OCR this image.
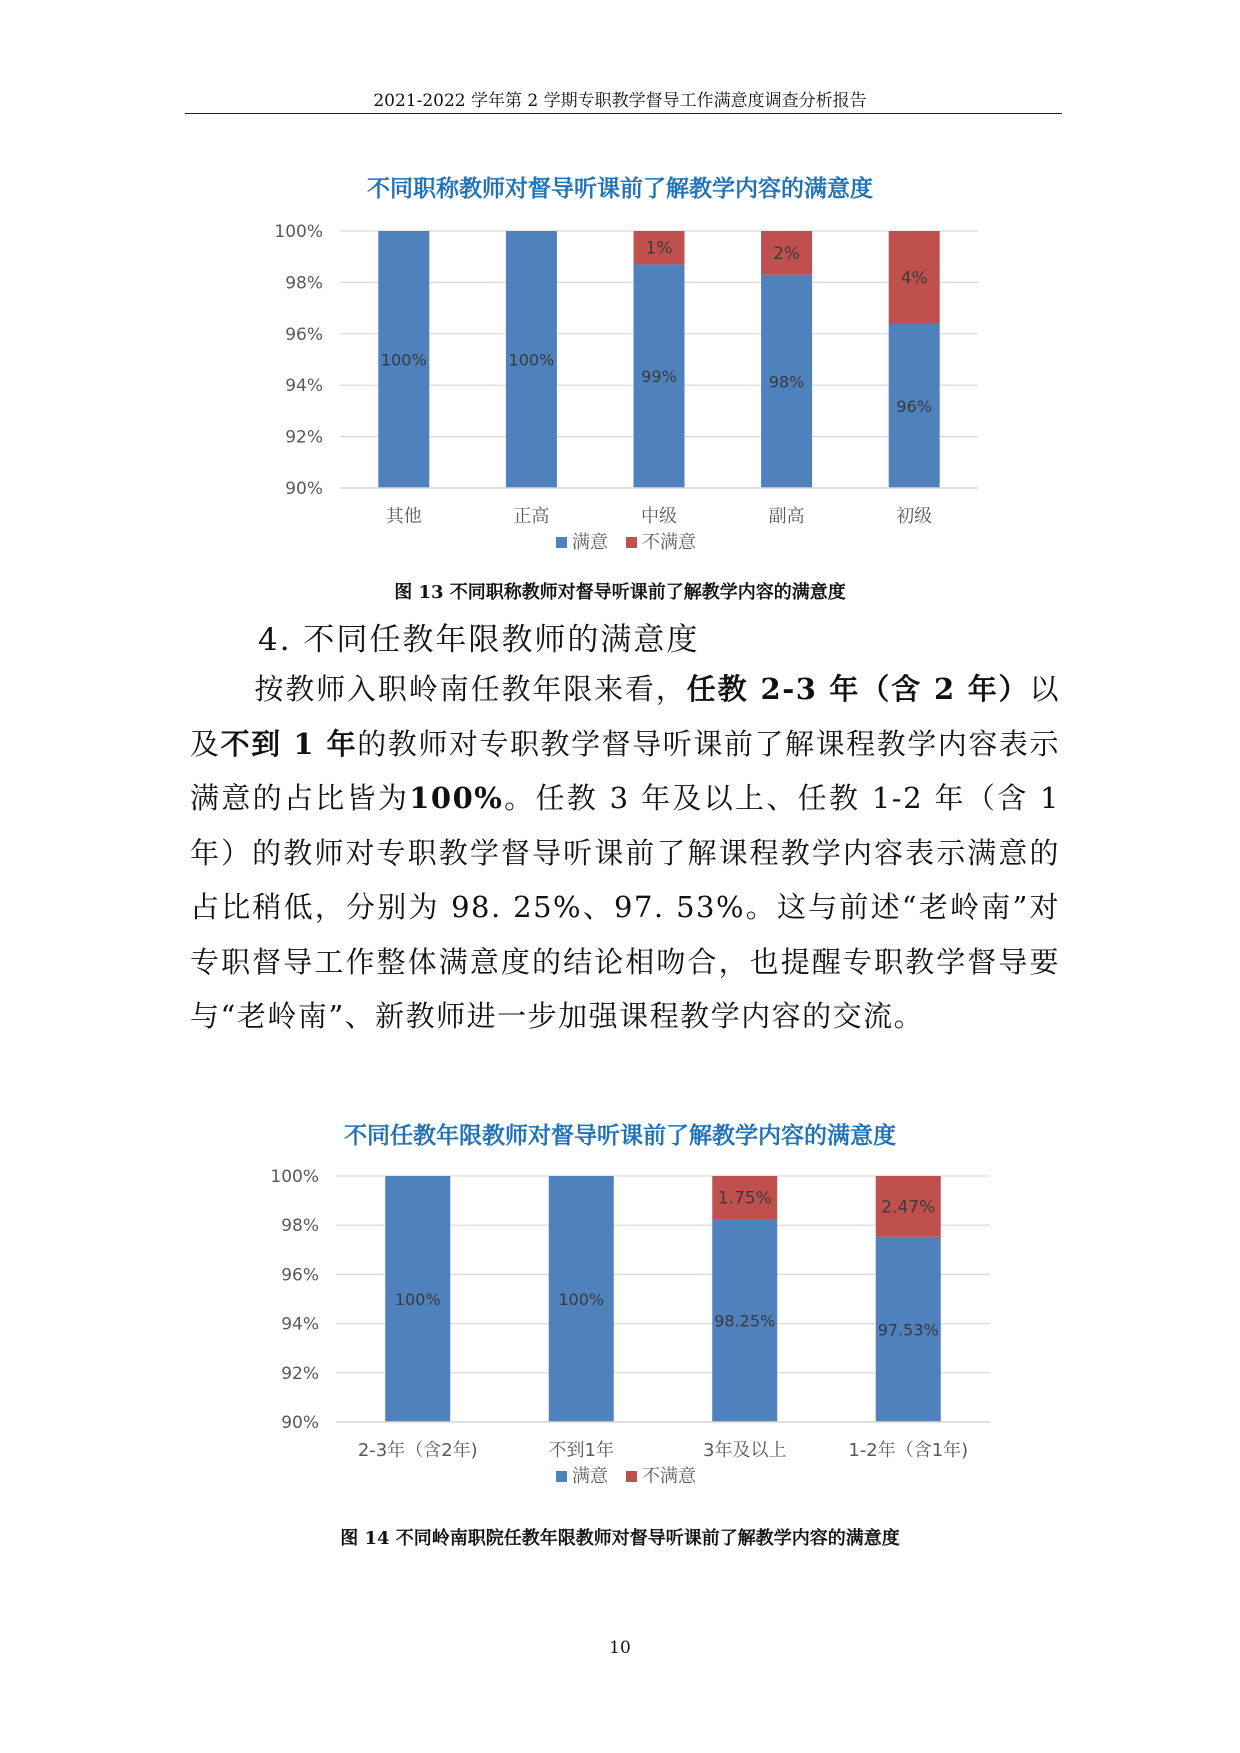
2021-2022 学年第 2 学期专职教学督导工作满意度调查分析报告
不同职称教师对督导听课前了解教学内容的满意度
100%
98%
96%
94%
92%
90%
100%
其他
100%
正高
1%
99%
中级
2%
98%
副高
4%
96%
初级
满意 不满意
图 13 不同职称教师对督导听课前了解教学内容的满意度
4. 不同任教年限教师的满意度
按教师入职岭南任教年限来看，任教 2-3 年（含 2 年）以及不到 1 年的教师对专职教学督导听课前了解课程教学内容表示满意的占比皆为100%。任教 3 年及以上、任教 1-2 年（含 1 年）的教师对专职教学督导听课前了解课程教学内容表示满意的占比稍低，分别为 98. 25%、97. 53%。这与前述“老岭南”对专职督导工作整体满意度的结论相吻合，也提醒专职教学督导要与“老岭南”、新教师进一步加强课程教学内容的交流。
不同任教年限教师对督导听课前了解教学内容的满意度
100%
98%
96%
94%
92%
90%
100%
2-3年（含2年)
100%
不到1年
1.75%
98.25%
3年及以上
2.47%
97.53%
1-2年（含1年)
满意 不满意
图 14 不同岭南职院任教年限教师对督导听课前了解教学内容的满意度
10
